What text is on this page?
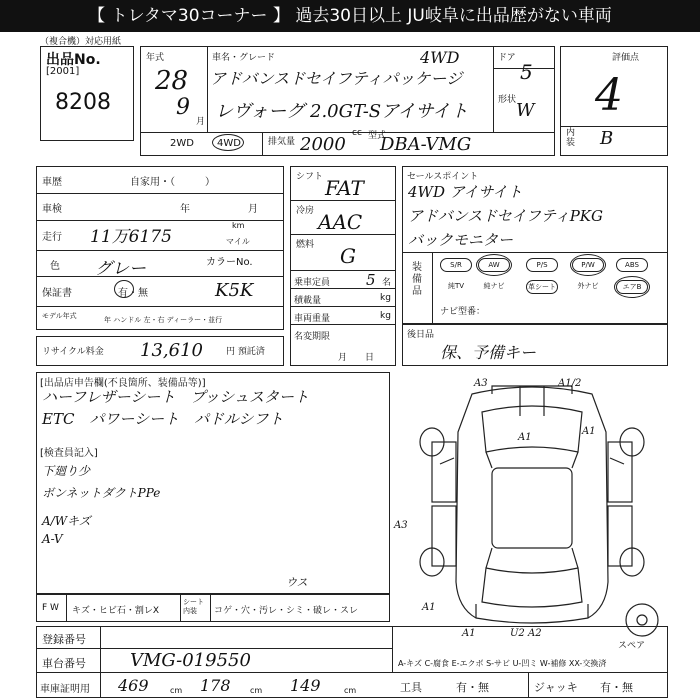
【 トレタマ30コーナー 】 過去30日以上 JU岐阜に出品歴がない車両
（複合機）対応用紙
出品No.
[2001]
8208
年式
28
9
月
車名・グレード
アドバンスドセイフティパッケージ
レヴォーグ 2.0GT-Sアイサイト
4WD	ドア
5
形状 W
2WD 4WD	排気量 2000
cc 型式
DBA-VMG
評価点
4
内装 B
車歴	自家用・（　　　）
車検	年	月
走行 11万6175
km
マイル
色 グレー	カラーNo.
保証書	有・無	K5K
モデル年式	年 ハンドル 左・右 ディーラー・並行
リサイクル料金 13,610	円 預託済
シフト FAT
冷房 AAC
燃料 G
乗車定員 5 名
積載量	kg
車両重量	kg
名変期限
月　　日
セールスポイント
4WD アイサイト
アドバンスドセイフティPKG
バックモニター
装備品
S/R	AW	P/S	P/W	ABS
純TV	純ナビ	革シート	外ナビ	エアB
ナビ型番：
後日品
保、予備キー
[出品店申告欄(不良箇所、装備品等)]
ハーフレザーシート　プッシュスタート
ETC　パワーシート　パドルシフト
[検査員記入]
下廻り少
ボンネットダクトPPe
A/Wキズ
A-V
F W キズ・ヒビ石・割レX
シート内装	コゲ・穴・汚レ・シミ・破レ・スレ
ウス
A3	A1/2
A1
A1
A3
A1
A1	U2 A2
スペア
登録番号
車台番号 VMG-019550
車庫証明用 469	cm 178 cm 149	cm
A-キズ C-腐食 E-エクボ S-サビ U-凹ミ W-補修 XX-交換済
工具	有・無	ジャッキ 有・無
